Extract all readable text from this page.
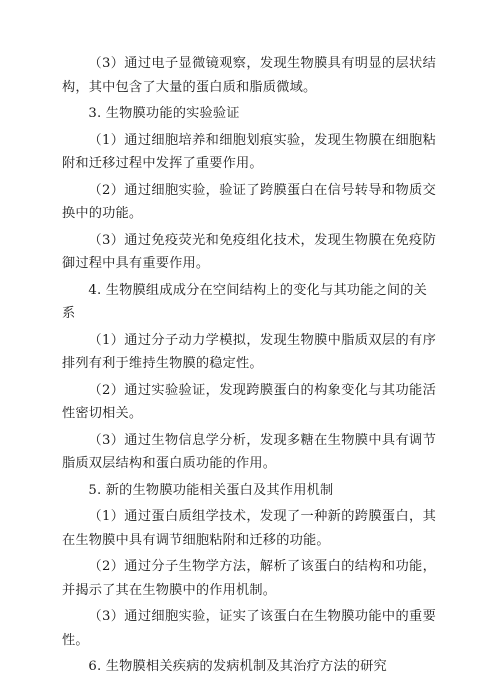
（3）通过电子显微镜观察，发现生物膜具有明显的层状结构，其中包含了大量的蛋白质和脂质微域。

3. 生物膜功能的实验验证

（1）通过细胞培养和细胞划痕实验，发现生物膜在细胞粘附和迁移过程中发挥了重要作用。

（2）通过细胞实验，验证了跨膜蛋白在信号转导和物质交换中的功能。

（3）通过免疫荧光和免疫组化技术，发现生物膜在免疫防御过程中具有重要作用。

4. 生物膜组成成分在空间结构上的变化与其功能之间的关系

（1）通过分子动力学模拟，发现生物膜中脂质双层的有序排列有利于维持生物膜的稳定性。

（2）通过实验验证，发现跨膜蛋白的构象变化与其功能活性密切相关。

（3）通过生物信息学分析，发现多糖在生物膜中具有调节脂质双层结构和蛋白质功能的作用。

5. 新的生物膜功能相关蛋白及其作用机制

（1）通过蛋白质组学技术，发现了一种新的跨膜蛋白，其在生物膜中具有调节细胞粘附和迁移的功能。

（2）通过分子生物学方法，解析了该蛋白的结构和功能，并揭示了其在生物膜中的作用机制。

（3）通过细胞实验，证实了该蛋白在生物膜功能中的重要性。

6. 生物膜相关疾病的发病机制及其治疗方法的研究
